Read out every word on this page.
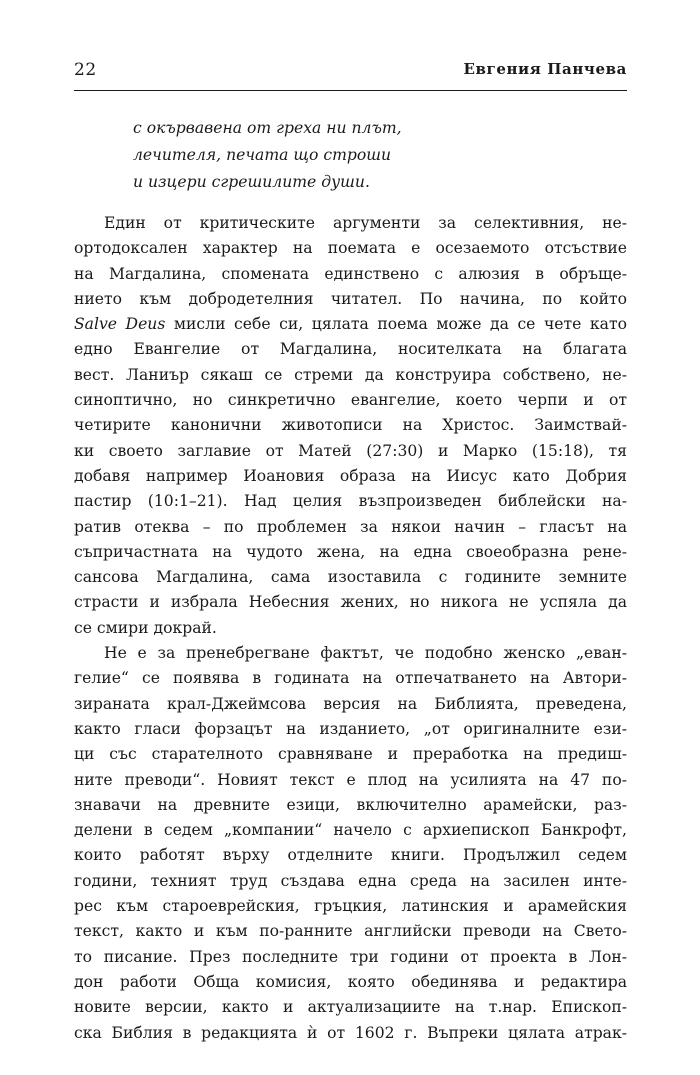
22	Евгения Панчева
с окървавена от греха ни плът,
лечителя, печата що строши
и изцери сгрешилите души.
Един от критическите аргументи за селективния, не-
ортодоксален характер на поемата е осезаемото отсъствие
на Магдалина, спомената единствено с алюзия в обръще-
нието към добродетелния читател. По начина, по който
Salve Deus мисли себе си, цялата поема може да се чете като
едно Евангелие от Магдалина, носителката на благата
вест. Ланиър сякаш се стреми да конструира собствено, не-
синоптично, но синкретично евангелие, което черпи и от
четирите канонични животописи на Христос. Заимствай-
ки своето заглавие от Матей (27:30) и Марко (15:18), тя
добавя например Иоановия образа на Иисус като Добрия
пастир (10:1–21). Над целия възпроизведен библейски на-
ратив отеква – по проблемен за някои начин – гласът на
съпричастната на чудото жена, на една своеобразна ренe-
сансова Магдалина, сама изоставила с годините земните
страсти и избрала Небесния жених, но никога не успяла да
се смири докрай.
Не е за пренебрегване фактът, че подобно женско „еван-
гелие“ се появява в годината на отпечатването на Автори-
зираната крал-Джеймсова версия на Библията, преведена,
както гласи форзацът на изданието, „от оригиналните ези-
ци със старателното сравняване и преработка на предиш-
ните преводи“. Новият текст е плод на усилията на 47 по-
знавачи на древните езици, включително арамейски, раз-
делени в седем „компании“ начело с архиепископ Банкрофт,
които работят върху отделните книги. Продължил седем
години, техният труд създава една среда на засилен инте-
рес към староеврейския, гръцкия, латинския и арамейския
текст, както и към по-ранните английски преводи на Свето-
то писание. През последните три години от проекта в Лон-
дон работи Обща комисия, която обединява и редактира
новите версии, както и актуализациите на т.нар. Епископ-
ска Библия в редакцията ѝ от 1602 г. Въпреки цялата атрак-
